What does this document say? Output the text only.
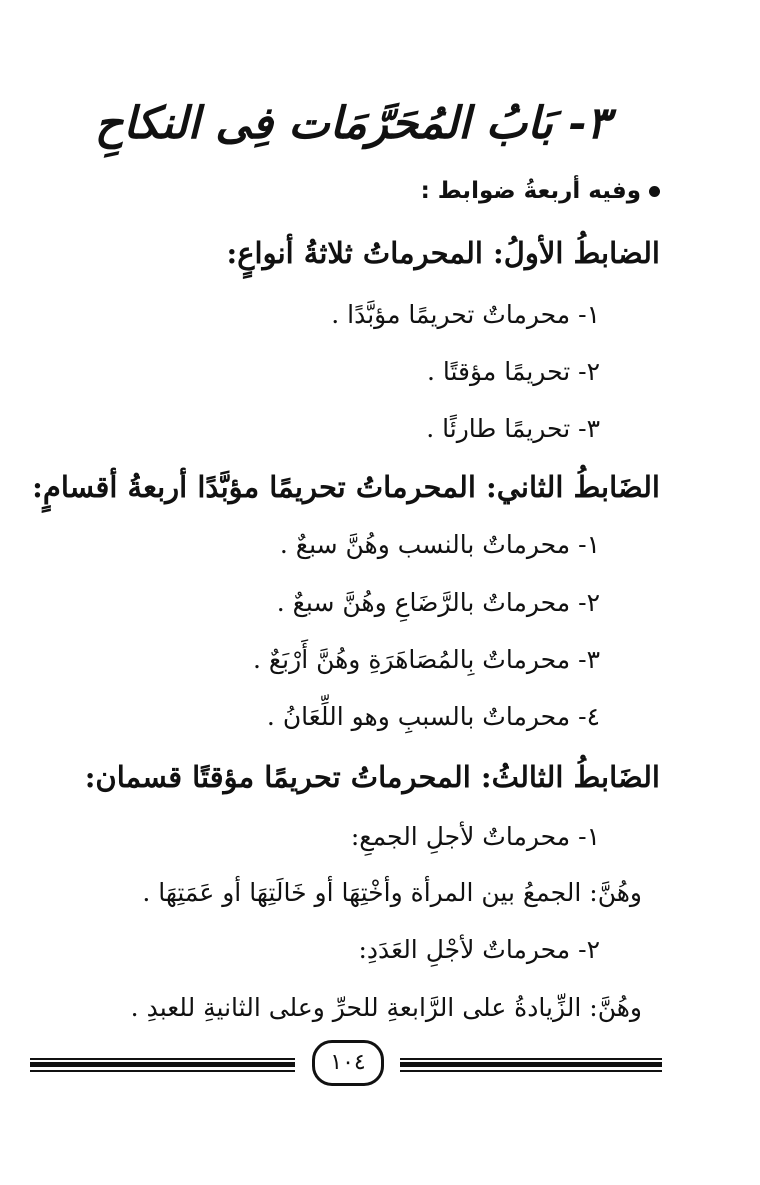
٣- بَابُ المُحَرَّمَات فِى النكاحِ
وفيه أربعةُ ضوابط :
الضابطُ الأولُ: المحرماتُ ثلاثةُ أنواعٍ:
١- محرماتٌ تحريمًا مؤبَّدًا .
٢- تحريمًا مؤقتًا .
٣- تحريمًا طارئًا .
الضَابطُ الثاني: المحرماتُ تحريمًا مؤبَّدًا أربعةُ أقسامٍ:
١- محرماتٌ بالنسب وهُنَّ سبعٌ .
٢- محرماتٌ بالرَّضَاعِ وهُنَّ سبعٌ .
٣- محرماتٌ بِالمُصَاهَرَةِ وهُنَّ أَرْبَعٌ .
٤- محرماتٌ بالسببِ وهو اللِّعَانُ .
الضَابطُ الثالثُ: المحرماتُ تحريمًا مؤقتًا قسمان:
١- محرماتٌ لأجلِ الجمعِ:
وهُنَّ: الجمعُ بين المرأة وأخْتِهَا أو خَالَتِهَا أو عَمَتِهَا .
٢- محرماتٌ لأجْلِ العَدَدِ:
وهُنَّ: الزِّيادةُ على الرَّابعةِ للحرِّ وعلى الثانيةِ للعبدِ .
١٠٤
